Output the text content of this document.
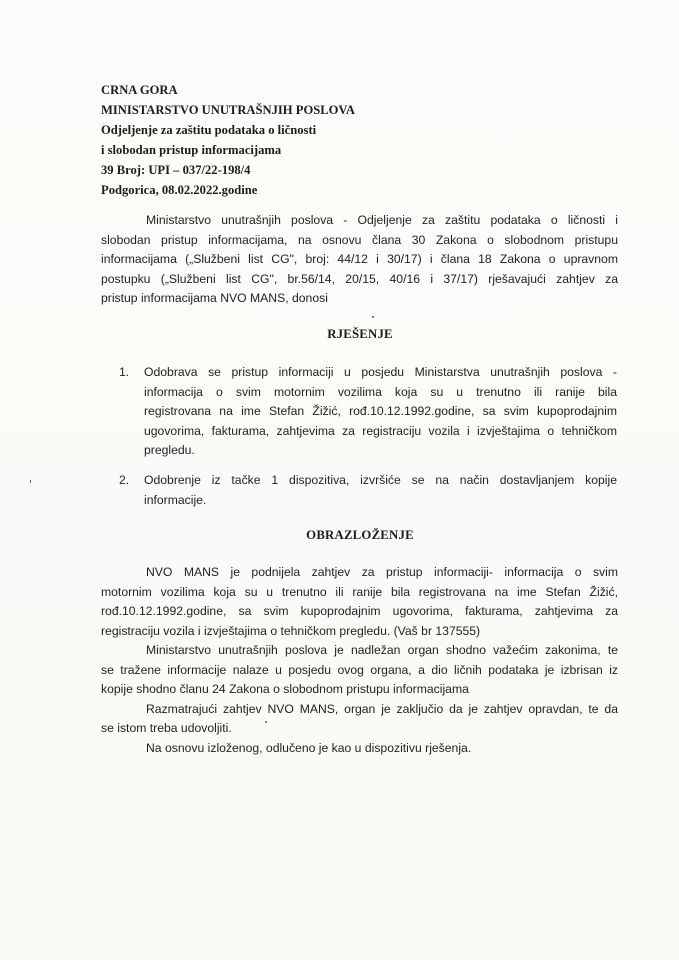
CRNA GORA
MINISTARSTVO UNUTRAŠNJIH POSLOVA
Odjeljenje za zaštitu podataka o ličnosti
i slobodan pristup informacijama
39 Broj: UPI – 037/22-198/4
Podgorica, 08.02.2022.godine
Ministarstvo unutrašnjih poslova - Odjeljenje za zaštitu podataka o ličnosti i
slobodan pristup informacijama, na osnovu člana 30 Zakona o slobodnom pristupu
informacijama („Službeni list CG", broj: 44/12 i 30/17) i člana 18 Zakona o upravnom
postupku („Službeni list CG", br.56/14, 20/15, 40/16 i 37/17) rješavajući zahtjev za
pristup informacijama NVO MANS, donosi
RJEŠENJE
1. Odobrava se pristup informaciji u posjedu Ministarstva unutrašnjih poslova -
informacija o svim motornim vozilima koja su u trenutno ili ranije bila
registrovana na ime Stefan Žižić, rođ.10.12.1992.godine, sa svim kupoprodajnim
ugovorima, fakturama, zahtjevima za registraciju vozila i izvještajima o tehničkom
pregledu.
2. Odobrenje iz tačke 1 dispozitiva, izvršiće se na način dostavljanjem kopije
informacije.
OBRAZLOŽENJE
NVO MANS je podnijela zahtjev za pristup informaciji- informacija o svim
motornim vozilima koja su u trenutno ili ranije bila registrovana na ime Stefan Žižić,
rođ.10.12.1992.godine, sa svim kupoprodajnim ugovorima, fakturama, zahtjevima za
registraciju vozila i izvještajima o tehničkom pregledu. (Vaš br 137555)
Ministarstvo unutrašnjih poslova je nadležan organ shodno važećim zakonima, te
se tražene informacije nalaze u posjedu ovog organa, a dio ličnih podataka je izbrisan iz
kopije shodno članu 24 Zakona o slobodnom pristupu informacijama
Razmatrajući zahtjev NVO MANS, organ je zaključio da je zahtjev opravdan, te da
se istom treba udovoljiti.
Na osnovu izloženog, odlučeno je kao u dispozitivu rješenja.
